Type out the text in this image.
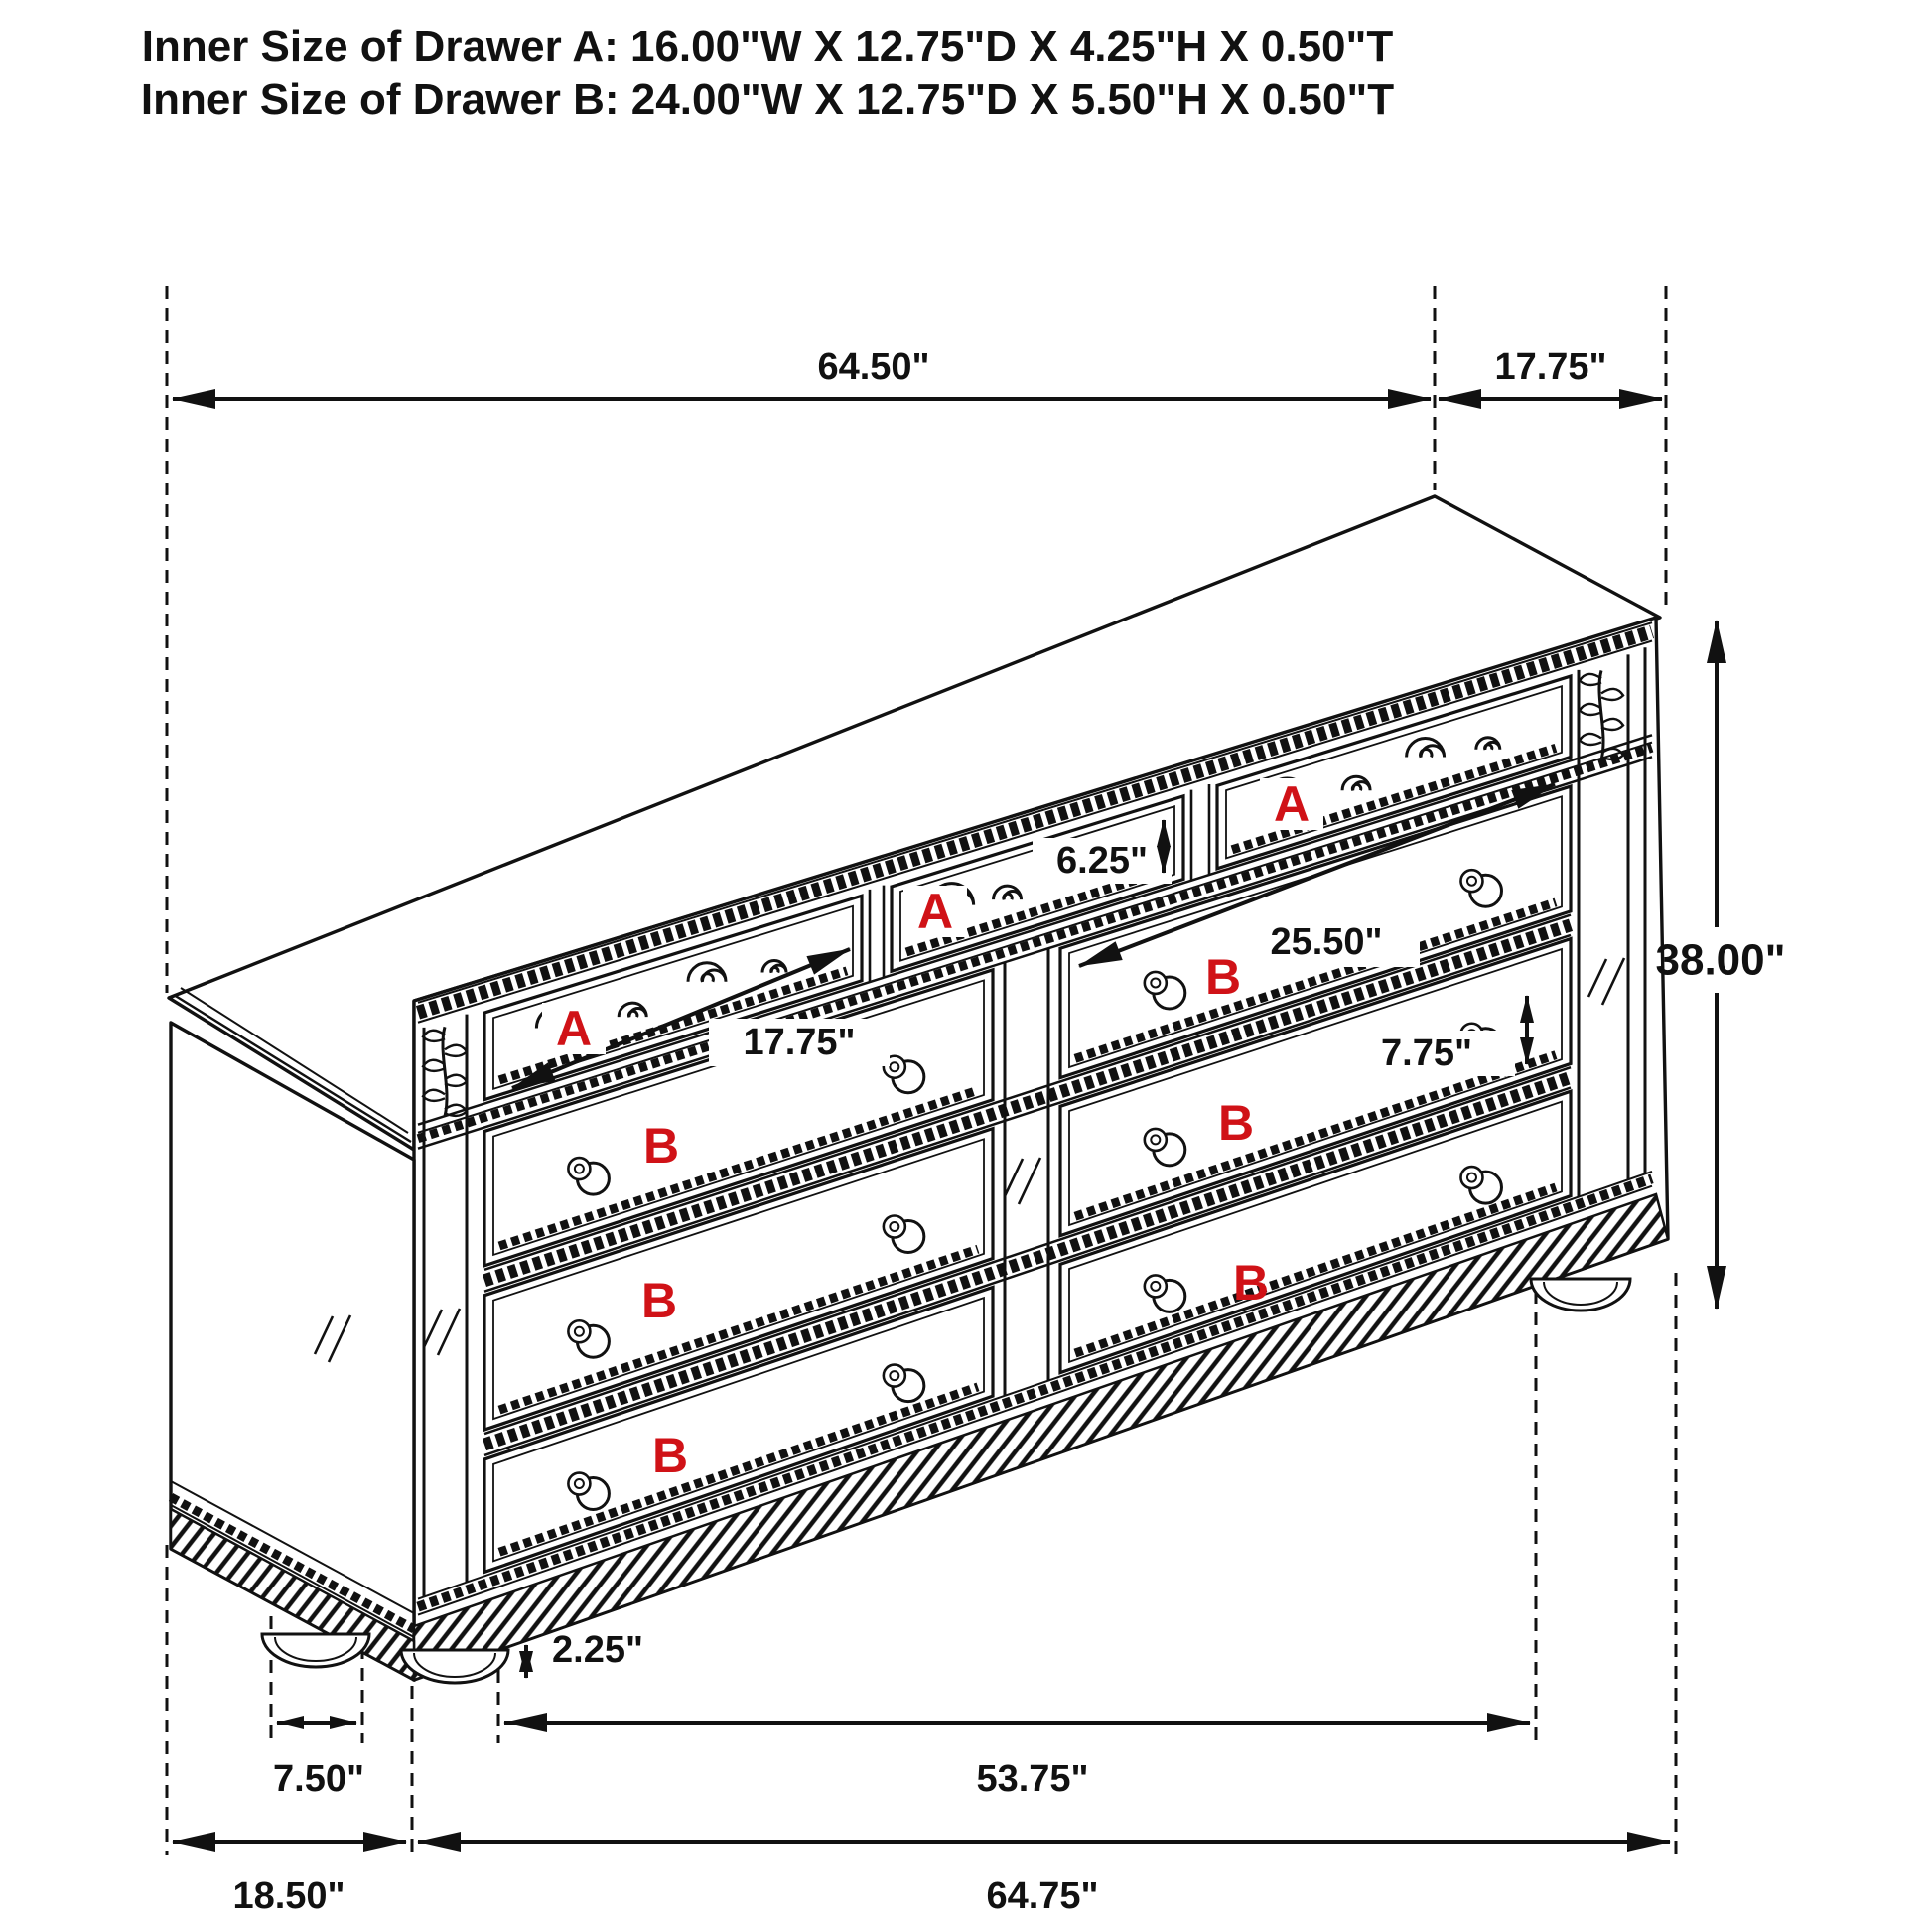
Inner Size of Drawer A: 16.00"W X 12.75"D X 4.25"H X 0.50"T
Inner Size of Drawer B: 24.00"W X 12.75"D X 5.50"H X 0.50"T
64.50"	17.75"
38.00"
6.25"
17.75"
25.50"
7.75"
2.25"
7.50"	53.75"
18.50"	64.75"
A
A
A
B
B
B
B
B
B
